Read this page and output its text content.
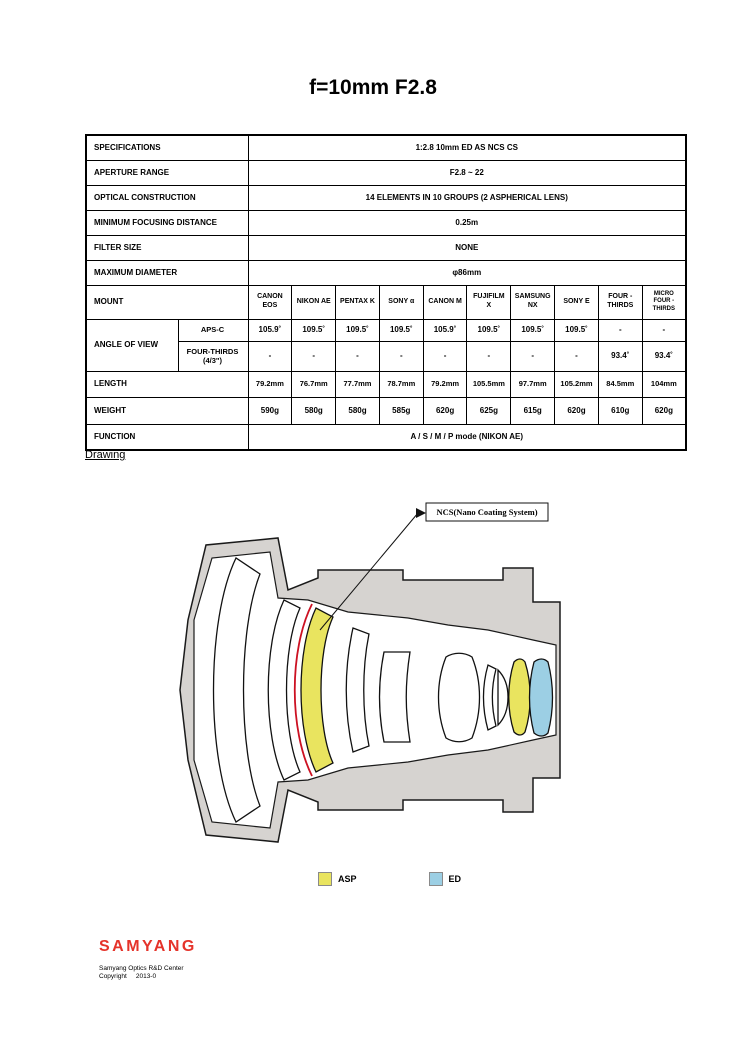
f=10mm F2.8
SPECIFICATIONS		1:2.8 10mm ED AS NCS CS									
APERTURE RANGE		F2.8 ~ 22									
OPTICAL CONSTRUCTION		14 ELEMENTS IN 10 GROUPS (2 ASPHERICAL LENS)									
MINIMUM FOCUSING DISTANCE		0.25m									
FILTER SIZE		NONE									
MAXIMUM DIAMETER		φ86mm									
MOUNT		CANON EOS	NIKON AE	PENTAX K	SONY α	CANON M	FUJIFILM X	SAMSUNG NX	SONY E	FOUR -THIRDS	MICRO FOUR -THIRDS
ANGLE OF VIEW	APS-C	105.9˚	109.5˚	109.5˚	109.5˚	105.9˚	109.5˚	109.5˚	109.5˚	-	-
	FOUR-THIRDS (4/3")	-	-	-	-	-	-	-	-	93.4˚	93.4˚
LENGTH		79.2mm	76.7mm	77.7mm	78.7mm	79.2mm	105.5mm	97.7mm	105.2mm	84.5mm	104mm
WEIGHT		590g	580g	580g	585g	620g	625g	615g	620g	610g	620g
FUNCTION		A / S / M / P mode (NIKON AE)									
Drawing
NCS(Nano Coating System)
ASP	ED
SAMYANG
Samyang Optics R&D Center
Copyright     2013-0
